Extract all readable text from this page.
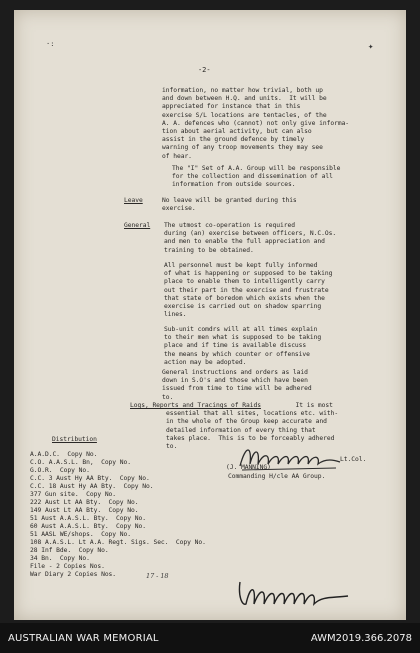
·:	✦
-2-
information, no matter how trivial, both up
and down between H.Q. and units.  It will be
appreciated for instance that in this
exercise S/L locations are tentacles, of the
A. A. defences who (cannot) not only give informa-
tion about aerial activity, but can also
assist in the ground defence by timely
warning of any troop movements they may see
of hear.
The "I" Set of A.A. Group will be responsible
for the collection and dissemination of all
information from outside sources.
Leave	No leave will be granted during this
exercise.
General The utmost co-operation is required
during (an) exercise between officers, N.C.Os.
and men to enable the full appreciation and
training to be obtained.
All personnel must be kept fully informed
of what is happening or supposed to be taking
place to enable them to intelligently carry
out their part in the exercise and frustrate
that state of boredom which exists when the
exercise is carried out on shadow sparring
lines.
Sub-unit comdrs will at all times explain
to their men what is supposed to be taking
place and if time is available discuss
the means by which counter or offensive
action may be adopted.
General instructions and orders as laid
down in S.O's and those which have been
issued from time to time will be adhered
to.
Logs, Reports and Tracings of Raids	It is most
essential that all sites, locations etc. with-
in the whole of the Group keep accurate and
detailed information of every thing that
takes place.  This is to be forceably adhered
to.
(J. MANNING)
Lt.Col.
Commanding H/cle AA Group.
Distribution
A.A.D.C.  Copy No.
C.O. A.A.S.L. Bn,  Copy No.
G.O.R.  Copy No.
C.C. 3 Aust Hy AA Bty.  Copy No.
C.C. 18 Aust Hy AA Bty.  Copy No.
377 Gun site.  Copy No.
222 Aust Lt AA Bty.  Copy No.
149 Aust Lt AA Bty.  Copy No.
51 Aust A.A.S.L. Bty.  Copy No.
60 Aust A.A.S.L. Bty.  Copy No.
51 AASL WE/shops.  Copy No.
108 A.A.S.L. Lt A.A. Regt. Sigs. Sec.  Copy No.
28 Inf Bde.  Copy No.
34 Bn.  Copy No.
File - 2 Copies Nos.
War Diary 2 Copies Nos.	17 - 18
AUSTRALIAN WAR MEMORIAL	AWM2019.366.2078
